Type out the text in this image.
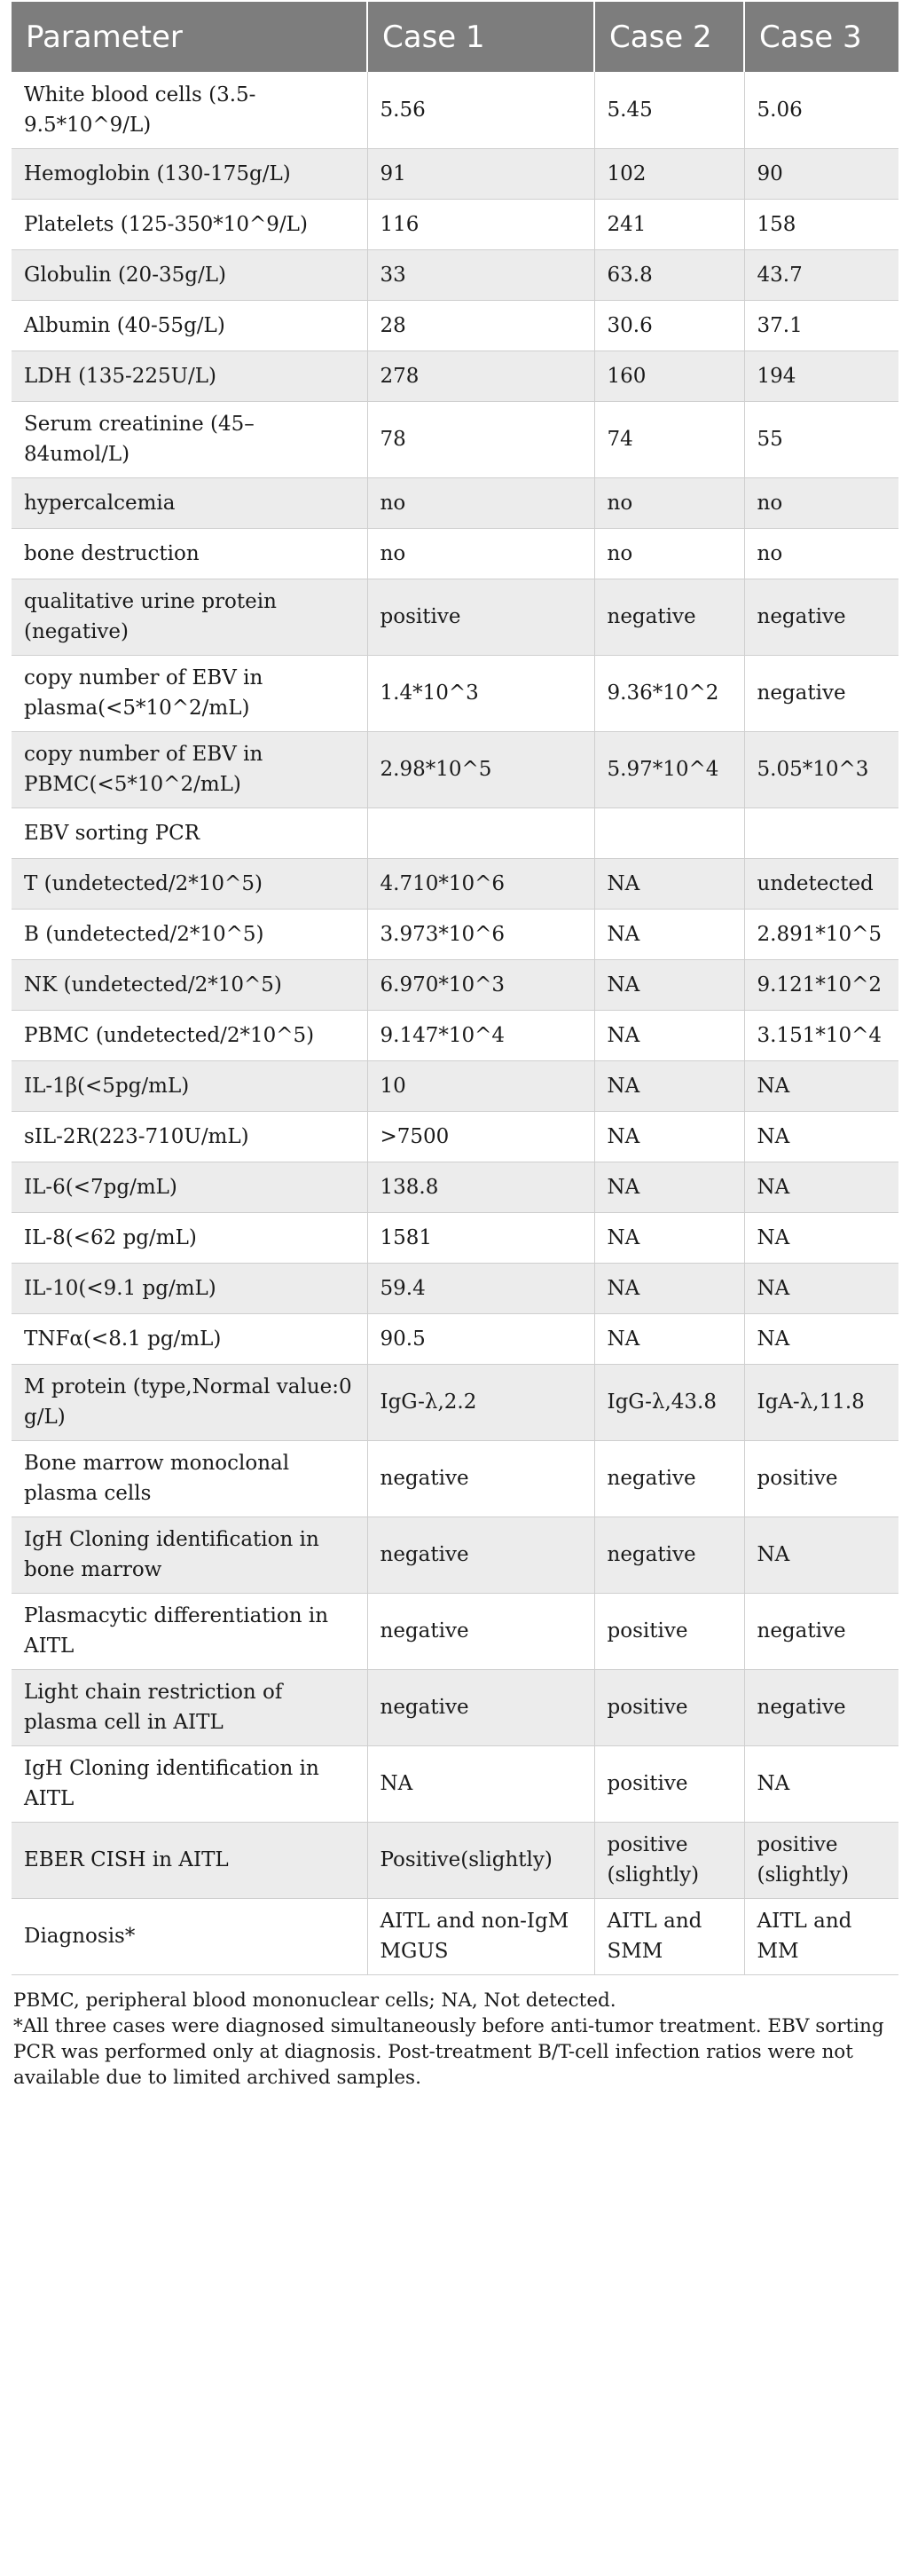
Parameter	Case 1	Case 2	Case 3
White blood cells (3.5-9.5*10^9/L)	5.56	5.45	5.06
Hemoglobin (130-175g/L)	91	102	90
Platelets (125-350*10^9/L)	116	241	158
Globulin (20-35g/L)	33	63.8	43.7
Albumin (40-55g/L)	28	30.6	37.1
LDH (135-225U/L)	278	160	194
Serum creatinine (45–84umol/L)	78	74	55
hypercalcemia	no	no	no
bone destruction	no	no	no
qualitative urine protein (negative)	positive	negative	negative
copy number of EBV in plasma(<5*10^2/mL)	1.4*10^3	9.36*10^2	negative
copy number of EBV in PBMC(<5*10^2/mL)	2.98*10^5	5.97*10^4	5.05*10^3
EBV sorting PCR			
T (undetected/2*10^5)	4.710*10^6	NA	undetected
B (undetected/2*10^5)	3.973*10^6	NA	2.891*10^5
NK (undetected/2*10^5)	6.970*10^3	NA	9.121*10^2
PBMC (undetected/2*10^5)	9.147*10^4	NA	3.151*10^4
IL-1β(<5pg/mL)	10	NA	NA
sIL-2R(223-710U/mL)	>7500	NA	NA
IL-6(<7pg/mL)	138.8	NA	NA
IL-8(<62 pg/mL)	1581	NA	NA
IL-10(<9.1 pg/mL)	59.4	NA	NA
TNFα(<8.1 pg/mL)	90.5	NA	NA
M protein (type,Normal value:0 g/L)	IgG-λ,2.2	IgG-λ,43.8	IgA-λ,11.8
Bone marrow monoclonal plasma cells	negative	negative	positive
IgH Cloning identification in bone marrow	negative	negative	NA
Plasmacytic differentiation in AITL	negative	positive	negative
Light chain restriction of plasma cell in AITL	negative	positive	negative
IgH Cloning identification in AITL	NA	positive	NA
EBER CISH in AITL	Positive(slightly)	positive (slightly)	positive (slightly)
Diagnosis*	AITL and non-IgM MGUS	AITL and SMM	AITL and MM

PBMC, peripheral blood mononuclear cells; NA, Not detected.

*All three cases were diagnosed simultaneously before anti-tumor treatment. EBV sorting PCR was performed only at diagnosis. Post-treatment B/T-cell infection ratios were not available due to limited archived samples.
